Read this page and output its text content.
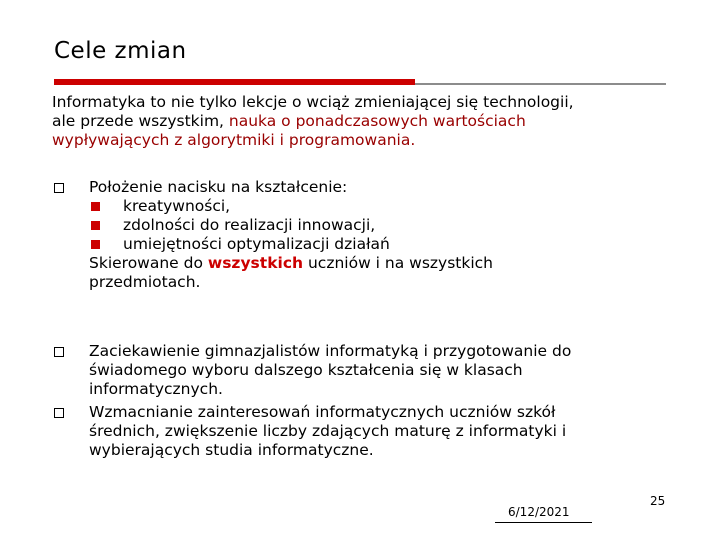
Cele zmian
Informatyka to nie tylko lekcje o wciąż zmieniającej się technologii,
ale przede wszystkim, nauka o ponadczasowych wartościach
wypływających z algorytmiki i programowania.
Położenie nacisku na kształcenie:
kreatywności,
zdolności do realizacji innowacji,
umiejętności optymalizacji działań
Skierowane do wszystkich uczniów i na wszystkich
przedmiotach.
Zaciekawienie gimnazjalistów informatyką i przygotowanie do
świadomego wyboru dalszego kształcenia się w klasach
informatycznych.
Wzmacnianie zainteresowań informatycznych uczniów szkół
średnich, zwiększenie liczby zdających maturę z informatyki i
wybierających studia informatyczne.
6/12/2021
25
